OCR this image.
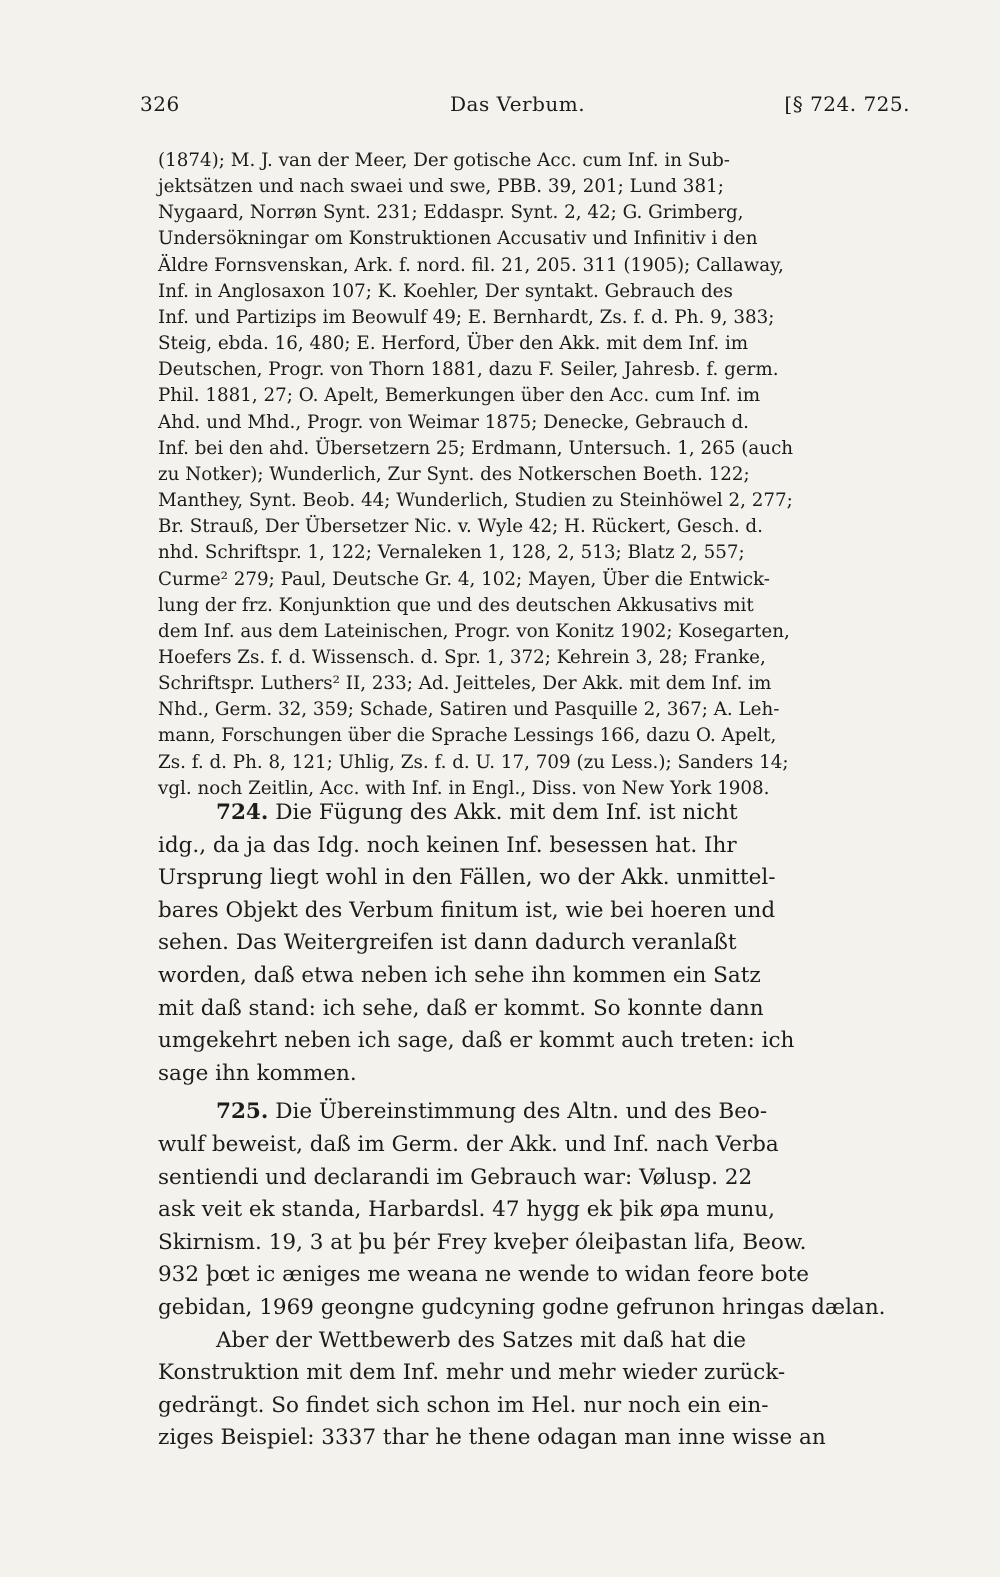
326	Das Verbum.	[§ 724. 725.
(1874); M. J. van der Meer, Der gotische Acc. cum Inf. in Sub-
jektsätzen und nach swaei und swe, PBB. 39, 201; Lund 381;
Nygaard, Norrøn Synt. 231; Eddaspr. Synt. 2, 42; G. Grimberg,
Undersökningar om Konstruktionen Accusativ und Infinitiv i den
Äldre Fornsvenskan, Ark. f. nord. fil. 21, 205. 311 (1905); Callaway,
Inf. in Anglosaxon 107; K. Koehler, Der syntakt. Gebrauch des
Inf. und Partizips im Beowulf 49; E. Bernhardt, Zs. f. d. Ph. 9, 383;
Steig, ebda. 16, 480; E. Herford, Über den Akk. mit dem Inf. im
Deutschen, Progr. von Thorn 1881, dazu F. Seiler, Jahresb. f. germ.
Phil. 1881, 27; O. Apelt, Bemerkungen über den Acc. cum Inf. im
Ahd. und Mhd., Progr. von Weimar 1875; Denecke, Gebrauch d.
Inf. bei den ahd. Übersetzern 25; Erdmann, Untersuch. 1, 265 (auch
zu Notker); Wunderlich, Zur Synt. des Notkerschen Boeth. 122;
Manthey, Synt. Beob. 44; Wunderlich, Studien zu Steinhöwel 2, 277;
Br. Strauß, Der Übersetzer Nic. v. Wyle 42; H. Rückert, Gesch. d.
nhd. Schriftspr. 1, 122; Vernaleken 1, 128, 2, 513; Blatz 2, 557;
Curme² 279; Paul, Deutsche Gr. 4, 102; Mayen, Über die Entwick-
lung der frz. Konjunktion que und des deutschen Akkusativs mit
dem Inf. aus dem Lateinischen, Progr. von Konitz 1902; Kosegarten,
Hoefers Zs. f. d. Wissensch. d. Spr. 1, 372; Kehrein 3, 28; Franke,
Schriftspr. Luthers² II, 233; Ad. Jeitteles, Der Akk. mit dem Inf. im
Nhd., Germ. 32, 359; Schade, Satiren und Pasquille 2, 367; A. Leh-
mann, Forschungen über die Sprache Lessings 166, dazu O. Apelt,
Zs. f. d. Ph. 8, 121; Uhlig, Zs. f. d. U. 17, 709 (zu Less.); Sanders 14;
vgl. noch Zeitlin, Acc. with Inf. in Engl., Diss. von New York 1908.
724. Die Fügung des Akk. mit dem Inf. ist nicht
idg., da ja das Idg. noch keinen Inf. besessen hat. Ihr
Ursprung liegt wohl in den Fällen, wo der Akk. unmittel-
bares Objekt des Verbum finitum ist, wie bei hoeren und
sehen. Das Weitergreifen ist dann dadurch veranlaßt
worden, daß etwa neben ich sehe ihn kommen ein Satz
mit daß stand: ich sehe, daß er kommt. So konnte dann
umgekehrt neben ich sage, daß er kommt auch treten: ich
sage ihn kommen.
725. Die Übereinstimmung des Altn. und des Beo-
wulf beweist, daß im Germ. der Akk. und Inf. nach Verba
sentiendi und declarandi im Gebrauch war: Vølusp. 22
ask veit ek standa, Harbardsl. 47 hygg ek þik øpa munu,
Skirnism. 19, 3 at þu þér Frey kveþer óleiþastan lifa, Beow.
932 þœt ic æniges me weana ne wende to widan feore bote
gebidan, 1969 geongne gudcyning godne gefrunon hringas dælan.
Aber der Wettbewerb des Satzes mit daß hat die
Konstruktion mit dem Inf. mehr und mehr wieder zurück-
gedrängt. So findet sich schon im Hel. nur noch ein ein-
ziges Beispiel: 3337 thar he thene odagan man inne wisse an
